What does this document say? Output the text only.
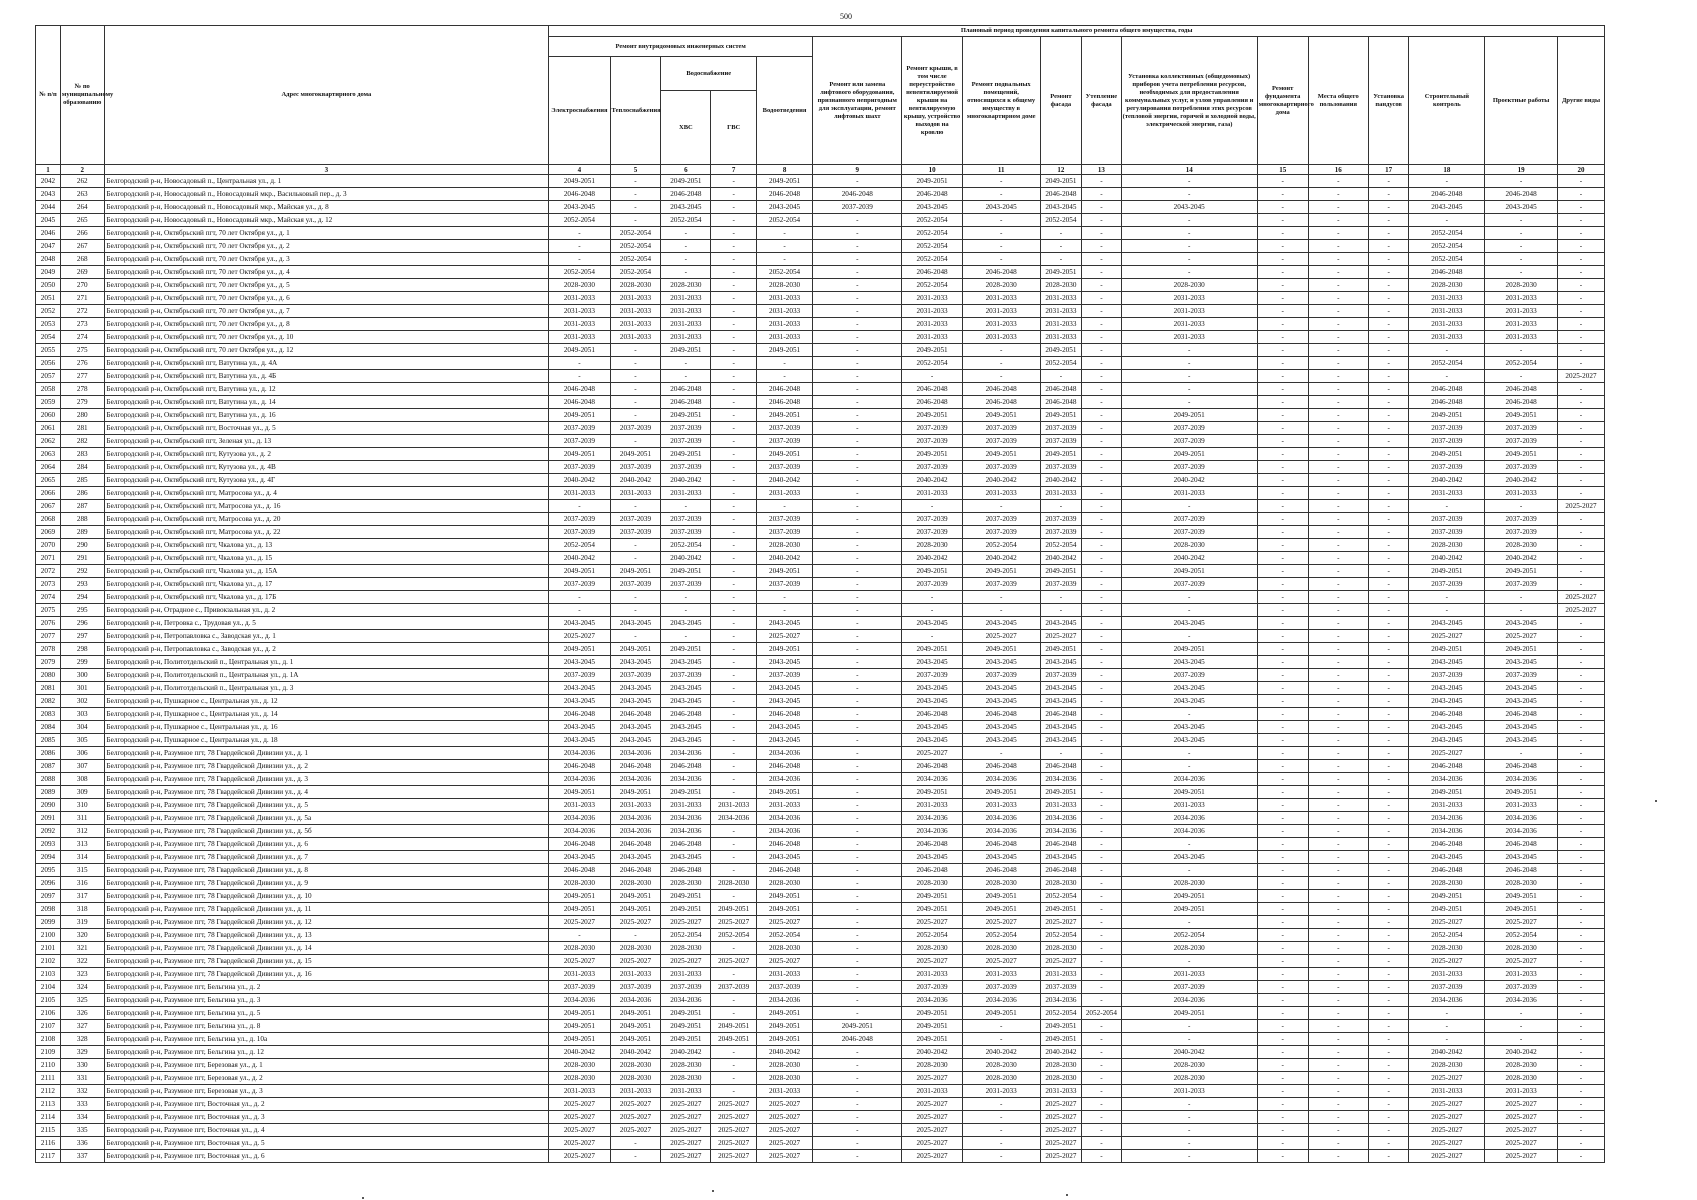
500
№ п/п	№ по муниципальному образованию	Адрес многоквартирного дома	Плановый период проведения капитального ремонта общего имущества, годы																
			Ремонт внутридомовых инженерных систем					Ремонт или замена лифтового оборудования, признанного непригодным для эксплуатации, ремонт лифтовых шахт	Ремонт крыши, в том числе переустройство невентилируемой крыши на вентилируемую крышу, устройство выходов на кровлю	Ремонт подвальных помещений, относящихся к общему имуществу в многоквартирном доме	Ремонт фасада	Утепление фасада	Установка коллективных (общедомовых) приборов учета потребления ресурсов, необходимых для предоставления коммунальных услуг, и узлов управления и регулирования потребления этих ресурсов (тепловой энергии, горячей и холодной воды, электрической энергии, газа)	Ремонт фундамента многоквартирного дома	Места общего пользования	Установка пандусов	Строительный контроль	Проектные работы	Другие виды
			Электроснабжения	Теплоснабжения	Водоснабжение		Водоотведения												
					ХВС	ГВС													
1	2	3	4	5	6	7	8	9	10	11	12	13	14	15	16	17	18	19	20
2042	262	Белгородский р-н, Новосадовый п., Центральная ул., д. 1	2049-2051	-	2049-2051	-	2049-2051	-	2049-2051	-	2049-2051	-	-	-	-	-	-	-	-
2043	263	Белгородский р-н, Новосадовый п., Новосадовый мкр., Васильковый пер., д. 3	2046-2048	-	2046-2048	-	2046-2048	2046-2048	2046-2048	-	2046-2048	-	-	-	-	-	2046-2048	2046-2048	-
2044	264	Белгородский р-н, Новосадовый п., Новосадовый мкр., Майская ул., д. 8	2043-2045	-	2043-2045	-	2043-2045	2037-2039	2043-2045	2043-2045	2043-2045	-	2043-2045	-	-	-	2043-2045	2043-2045	-
2045	265	Белгородский р-н, Новосадовый п., Новосадовый мкр., Майская ул., д. 12	2052-2054	-	2052-2054	-	2052-2054	-	2052-2054	-	2052-2054	-	-	-	-	-	-	-	-
2046	266	Белгородский р-н, Октябрьский пгт, 70 лет Октября ул., д. 1	-	2052-2054	-	-	-	-	2052-2054	-	-	-	-	-	-	-	2052-2054	-	-
2047	267	Белгородский р-н, Октябрьский пгт, 70 лет Октября ул., д. 2	-	2052-2054	-	-	-	-	2052-2054	-	-	-	-	-	-	-	2052-2054	-	-
2048	268	Белгородский р-н, Октябрьский пгт, 70 лет Октября ул., д. 3	-	2052-2054	-	-	-	-	2052-2054	-	-	-	-	-	-	-	2052-2054	-	-
2049	269	Белгородский р-н, Октябрьский пгт, 70 лет Октября ул., д. 4	2052-2054	2052-2054	-	-	2052-2054	-	2046-2048	2046-2048	2049-2051	-	-	-	-	-	2046-2048	-	-
2050	270	Белгородский р-н, Октябрьский пгт, 70 лет Октября ул., д. 5	2028-2030	2028-2030	2028-2030	-	2028-2030	-	2052-2054	2028-2030	2028-2030	-	2028-2030	-	-	-	2028-2030	2028-2030	-
2051	271	Белгородский р-н, Октябрьский пгт, 70 лет Октября ул., д. 6	2031-2033	2031-2033	2031-2033	-	2031-2033	-	2031-2033	2031-2033	2031-2033	-	2031-2033	-	-	-	2031-2033	2031-2033	-
2052	272	Белгородский р-н, Октябрьский пгт, 70 лет Октября ул., д. 7	2031-2033	2031-2033	2031-2033	-	2031-2033	-	2031-2033	2031-2033	2031-2033	-	2031-2033	-	-	-	2031-2033	2031-2033	-
2053	273	Белгородский р-н, Октябрьский пгт, 70 лет Октября ул., д. 8	2031-2033	2031-2033	2031-2033	-	2031-2033	-	2031-2033	2031-2033	2031-2033	-	2031-2033	-	-	-	2031-2033	2031-2033	-
2054	274	Белгородский р-н, Октябрьский пгт, 70 лет Октября ул., д. 10	2031-2033	2031-2033	2031-2033	-	2031-2033	-	2031-2033	2031-2033	2031-2033	-	2031-2033	-	-	-	2031-2033	2031-2033	-
2055	275	Белгородский р-н, Октябрьский пгт, 70 лет Октября ул., д. 12	2049-2051	-	2049-2051	-	2049-2051	-	2049-2051	-	2049-2051	-	-	-	-	-	-	-	-
2056	276	Белгородский р-н, Октябрьский пгт, Ватутина ул., д. 4А	-	-	-	-	-	-	2052-2054	-	2052-2054	-	-	-	-	-	2052-2054	2052-2054	-
2057	277	Белгородский р-н, Октябрьский пгт, Ватутина ул., д. 4Б	-	-	-	-	-	-	-	-	-	-	-	-	-	-	-	-	2025-2027
2058	278	Белгородский р-н, Октябрьский пгт, Ватутина ул., д. 12	2046-2048	-	2046-2048	-	2046-2048	-	2046-2048	2046-2048	2046-2048	-	-	-	-	-	2046-2048	2046-2048	-
2059	279	Белгородский р-н, Октябрьский пгт, Ватутина ул., д. 14	2046-2048	-	2046-2048	-	2046-2048	-	2046-2048	2046-2048	2046-2048	-	-	-	-	-	2046-2048	2046-2048	-
2060	280	Белгородский р-н, Октябрьский пгт, Ватутина ул., д. 16	2049-2051	-	2049-2051	-	2049-2051	-	2049-2051	2049-2051	2049-2051	-	2049-2051	-	-	-	2049-2051	2049-2051	-
2061	281	Белгородский р-н, Октябрьский пгт, Восточная ул., д. 5	2037-2039	2037-2039	2037-2039	-	2037-2039	-	2037-2039	2037-2039	2037-2039	-	2037-2039	-	-	-	2037-2039	2037-2039	-
2062	282	Белгородский р-н, Октябрьский пгт, Зеленая ул., д. 13	2037-2039	-	2037-2039	-	2037-2039	-	2037-2039	2037-2039	2037-2039	-	2037-2039	-	-	-	2037-2039	2037-2039	-
2063	283	Белгородский р-н, Октябрьский пгт, Кутузова ул., д. 2	2049-2051	2049-2051	2049-2051	-	2049-2051	-	2049-2051	2049-2051	2049-2051	-	2049-2051	-	-	-	2049-2051	2049-2051	-
2064	284	Белгородский р-н, Октябрьский пгт, Кутузова ул., д. 4В	2037-2039	2037-2039	2037-2039	-	2037-2039	-	2037-2039	2037-2039	2037-2039	-	2037-2039	-	-	-	2037-2039	2037-2039	-
2065	285	Белгородский р-н, Октябрьский пгт, Кутузова ул., д. 4Г	2040-2042	2040-2042	2040-2042	-	2040-2042	-	2040-2042	2040-2042	2040-2042	-	2040-2042	-	-	-	2040-2042	2040-2042	-
2066	286	Белгородский р-н, Октябрьский пгт, Матросова ул., д. 4	2031-2033	2031-2033	2031-2033	-	2031-2033	-	2031-2033	2031-2033	2031-2033	-	2031-2033	-	-	-	2031-2033	2031-2033	-
2067	287	Белгородский р-н, Октябрьский пгт, Матросова ул., д. 16	-	-	-	-	-	-	-	-	-	-	-	-	-	-	-	-	2025-2027
2068	288	Белгородский р-н, Октябрьский пгт, Матросова ул., д. 20	2037-2039	2037-2039	2037-2039	-	2037-2039	-	2037-2039	2037-2039	2037-2039	-	2037-2039	-	-	-	2037-2039	2037-2039	-
2069	289	Белгородский р-н, Октябрьский пгт, Матросова ул., д. 22	2037-2039	2037-2039	2037-2039	-	2037-2039	-	2037-2039	2037-2039	2037-2039	-	2037-2039	-	-	-	2037-2039	2037-2039	-
2070	290	Белгородский р-н, Октябрьский пгт, Чкалова ул., д. 13	2052-2054	-	2052-2054	-	2028-2030	-	2028-2030	2052-2054	2052-2054	-	2028-2030	-	-	-	2028-2030	2028-2030	-
2071	291	Белгородский р-н, Октябрьский пгт, Чкалова ул., д. 15	2040-2042	-	2040-2042	-	2040-2042	-	2040-2042	2040-2042	2040-2042	-	2040-2042	-	-	-	2040-2042	2040-2042	-
2072	292	Белгородский р-н, Октябрьский пгт, Чкалова ул., д. 15А	2049-2051	2049-2051	2049-2051	-	2049-2051	-	2049-2051	2049-2051	2049-2051	-	2049-2051	-	-	-	2049-2051	2049-2051	-
2073	293	Белгородский р-н, Октябрьский пгт, Чкалова ул., д. 17	2037-2039	2037-2039	2037-2039	-	2037-2039	-	2037-2039	2037-2039	2037-2039	-	2037-2039	-	-	-	2037-2039	2037-2039	-
2074	294	Белгородский р-н, Октябрьский пгт, Чкалова ул., д. 17Б	-	-	-	-	-	-	-	-	-	-	-	-	-	-	-	-	2025-2027
2075	295	Белгородский р-н, Отрадное с., Привокзальная ул., д. 2	-	-	-	-	-	-	-	-	-	-	-	-	-	-	-	-	2025-2027
2076	296	Белгородский р-н, Петровка с., Трудовая ул., д. 5	2043-2045	2043-2045	2043-2045	-	2043-2045	-	2043-2045	2043-2045	2043-2045	-	2043-2045	-	-	-	2043-2045	2043-2045	-
2077	297	Белгородский р-н, Петропавловка с., Заводская ул., д. 1	2025-2027	-	-	-	2025-2027	-	-	2025-2027	2025-2027	-	-	-	-	-	2025-2027	2025-2027	-
2078	298	Белгородский р-н, Петропавловка с., Заводская ул., д. 2	2049-2051	2049-2051	2049-2051	-	2049-2051	-	2049-2051	2049-2051	2049-2051	-	2049-2051	-	-	-	2049-2051	2049-2051	-
2079	299	Белгородский р-н, Политотдельский п., Центральная ул., д. 1	2043-2045	2043-2045	2043-2045	-	2043-2045	-	2043-2045	2043-2045	2043-2045	-	2043-2045	-	-	-	2043-2045	2043-2045	-
2080	300	Белгородский р-н, Политотдельский п., Центральная ул., д. 1А	2037-2039	2037-2039	2037-2039	-	2037-2039	-	2037-2039	2037-2039	2037-2039	-	2037-2039	-	-	-	2037-2039	2037-2039	-
2081	301	Белгородский р-н, Политотдельский п., Центральная ул., д. 3	2043-2045	2043-2045	2043-2045	-	2043-2045	-	2043-2045	2043-2045	2043-2045	-	2043-2045	-	-	-	2043-2045	2043-2045	-
2082	302	Белгородский р-н, Пушкарное с., Центральная ул., д. 12	2043-2045	2043-2045	2043-2045	-	2043-2045	-	2043-2045	2043-2045	2043-2045	-	2043-2045	-	-	-	2043-2045	2043-2045	-
2083	303	Белгородский р-н, Пушкарное с., Центральная ул., д. 14	2046-2048	2046-2048	2046-2048	-	2046-2048	-	2046-2048	2046-2048	2046-2048	-	-	-	-	-	2046-2048	2046-2048	-
2084	304	Белгородский р-н, Пушкарное с., Центральная ул., д. 16	2043-2045	2043-2045	2043-2045	-	2043-2045	-	2043-2045	2043-2045	2043-2045	-	2043-2045	-	-	-	2043-2045	2043-2045	-
2085	305	Белгородский р-н, Пушкарное с., Центральная ул., д. 18	2043-2045	2043-2045	2043-2045	-	2043-2045	-	2043-2045	2043-2045	2043-2045	-	2043-2045	-	-	-	2043-2045	2043-2045	-
2086	306	Белгородский р-н, Разумное пгт, 78 Гвардейской Дивизии ул., д. 1	2034-2036	2034-2036	2034-2036	-	2034-2036	-	2025-2027	-	-	-	-	-	-	-	2025-2027	-	-
2087	307	Белгородский р-н, Разумное пгт, 78 Гвардейской Дивизии ул., д. 2	2046-2048	2046-2048	2046-2048	-	2046-2048	-	2046-2048	2046-2048	2046-2048	-	-	-	-	-	2046-2048	2046-2048	-
2088	308	Белгородский р-н, Разумное пгт, 78 Гвардейской Дивизии ул., д. 3	2034-2036	2034-2036	2034-2036	-	2034-2036	-	2034-2036	2034-2036	2034-2036	-	2034-2036	-	-	-	2034-2036	2034-2036	-
2089	309	Белгородский р-н, Разумное пгт, 78 Гвардейской Дивизии ул., д. 4	2049-2051	2049-2051	2049-2051	-	2049-2051	-	2049-2051	2049-2051	2049-2051	-	2049-2051	-	-	-	2049-2051	2049-2051	-
2090	310	Белгородский р-н, Разумное пгт, 78 Гвардейской Дивизии ул., д. 5	2031-2033	2031-2033	2031-2033	2031-2033	2031-2033	-	2031-2033	2031-2033	2031-2033	-	2031-2033	-	-	-	2031-2033	2031-2033	-
2091	311	Белгородский р-н, Разумное пгт, 78 Гвардейской Дивизии ул., д. 5а	2034-2036	2034-2036	2034-2036	2034-2036	2034-2036	-	2034-2036	2034-2036	2034-2036	-	2034-2036	-	-	-	2034-2036	2034-2036	-
2092	312	Белгородский р-н, Разумное пгт, 78 Гвардейской Дивизии ул., д. 5б	2034-2036	2034-2036	2034-2036	-	2034-2036	-	2034-2036	2034-2036	2034-2036	-	2034-2036	-	-	-	2034-2036	2034-2036	-
2093	313	Белгородский р-н, Разумное пгт, 78 Гвардейской Дивизии ул., д. 6	2046-2048	2046-2048	2046-2048	-	2046-2048	-	2046-2048	2046-2048	2046-2048	-	-	-	-	-	2046-2048	2046-2048	-
2094	314	Белгородский р-н, Разумное пгт, 78 Гвардейской Дивизии ул., д. 7	2043-2045	2043-2045	2043-2045	-	2043-2045	-	2043-2045	2043-2045	2043-2045	-	2043-2045	-	-	-	2043-2045	2043-2045	-
2095	315	Белгородский р-н, Разумное пгт, 78 Гвардейской Дивизии ул., д. 8	2046-2048	2046-2048	2046-2048	-	2046-2048	-	2046-2048	2046-2048	2046-2048	-	-	-	-	-	2046-2048	2046-2048	-
2096	316	Белгородский р-н, Разумное пгт, 78 Гвардейской Дивизии ул., д. 9	2028-2030	2028-2030	2028-2030	2028-2030	2028-2030	-	2028-2030	2028-2030	2028-2030	-	2028-2030	-	-	-	2028-2030	2028-2030	-
2097	317	Белгородский р-н, Разумное пгт, 78 Гвардейской Дивизии ул., д. 10	2049-2051	2049-2051	2049-2051	-	2049-2051	-	2049-2051	2049-2051	2052-2054	-	2049-2051	-	-	-	2049-2051	2049-2051	-
2098	318	Белгородский р-н, Разумное пгт, 78 Гвардейской Дивизии ул., д. 11	2049-2051	2049-2051	2049-2051	2049-2051	2049-2051	-	2049-2051	2049-2051	2049-2051	-	2049-2051	-	-	-	2049-2051	2049-2051	-
2099	319	Белгородский р-н, Разумное пгт, 78 Гвардейской Дивизии ул., д. 12	2025-2027	2025-2027	2025-2027	2025-2027	2025-2027	-	2025-2027	2025-2027	2025-2027	-	-	-	-	-	2025-2027	2025-2027	-
2100	320	Белгородский р-н, Разумное пгт, 78 Гвардейской Дивизии ул., д. 13	-	-	2052-2054	2052-2054	2052-2054	-	2052-2054	2052-2054	2052-2054	-	2052-2054	-	-	-	2052-2054	2052-2054	-
2101	321	Белгородский р-н, Разумное пгт, 78 Гвардейской Дивизии ул., д. 14	2028-2030	2028-2030	2028-2030	-	2028-2030	-	2028-2030	2028-2030	2028-2030	-	2028-2030	-	-	-	2028-2030	2028-2030	-
2102	322	Белгородский р-н, Разумное пгт, 78 Гвардейской Дивизии ул., д. 15	2025-2027	2025-2027	2025-2027	2025-2027	2025-2027	-	2025-2027	2025-2027	2025-2027	-	-	-	-	-	2025-2027	2025-2027	-
2103	323	Белгородский р-н, Разумное пгт, 78 Гвардейской Дивизии ул., д. 16	2031-2033	2031-2033	2031-2033	-	2031-2033	-	2031-2033	2031-2033	2031-2033	-	2031-2033	-	-	-	2031-2033	2031-2033	-
2104	324	Белгородский р-н, Разумное пгт, Бельгина ул., д. 2	2037-2039	2037-2039	2037-2039	2037-2039	2037-2039	-	2037-2039	2037-2039	2037-2039	-	2037-2039	-	-	-	2037-2039	2037-2039	-
2105	325	Белгородский р-н, Разумное пгт, Бельгина ул., д. 3	2034-2036	2034-2036	2034-2036	-	2034-2036	-	2034-2036	2034-2036	2034-2036	-	2034-2036	-	-	-	2034-2036	2034-2036	-
2106	326	Белгородский р-н, Разумное пгт, Бельгина ул., д. 5	2049-2051	2049-2051	2049-2051	-	2049-2051	-	2049-2051	2049-2051	2052-2054	2052-2054	2049-2051	-	-	-	-	-	-
2107	327	Белгородский р-н, Разумное пгт, Бельгина ул., д. 8	2049-2051	2049-2051	2049-2051	2049-2051	2049-2051	2049-2051	2049-2051	-	2049-2051	-	-	-	-	-	-	-	-
2108	328	Белгородский р-н, Разумное пгт, Бельгина ул., д. 10а	2049-2051	2049-2051	2049-2051	2049-2051	2049-2051	2046-2048	2049-2051	-	2049-2051	-	-	-	-	-	-	-	-
2109	329	Белгородский р-н, Разумное пгт, Бельгина ул., д. 12	2040-2042	2040-2042	2040-2042	-	2040-2042	-	2040-2042	2040-2042	2040-2042	-	2040-2042	-	-	-	2040-2042	2040-2042	-
2110	330	Белгородский р-н, Разумное пгт, Березовая ул., д. 1	2028-2030	2028-2030	2028-2030	-	2028-2030	-	2028-2030	2028-2030	2028-2030	-	2028-2030	-	-	-	2028-2030	2028-2030	-
2111	331	Белгородский р-н, Разумное пгт, Березовая ул., д. 2	2028-2030	2028-2030	2028-2030	-	2028-2030	-	2025-2027	2028-2030	2028-2030	-	2028-2030	-	-	-	2025-2027	2028-2030	-
2112	332	Белгородский р-н, Разумное пгт, Березовая ул., д. 3	2031-2033	2031-2033	2031-2033	-	2031-2033	-	2031-2033	2031-2033	2031-2033	-	2031-2033	-	-	-	2031-2033	2031-2033	-
2113	333	Белгородский р-н, Разумное пгт, Восточная ул., д. 2	2025-2027	2025-2027	2025-2027	2025-2027	2025-2027	-	2025-2027	-	2025-2027	-	-	-	-	-	2025-2027	2025-2027	-
2114	334	Белгородский р-н, Разумное пгт, Восточная ул., д. 3	2025-2027	2025-2027	2025-2027	2025-2027	2025-2027	-	2025-2027	-	2025-2027	-	-	-	-	-	2025-2027	2025-2027	-
2115	335	Белгородский р-н, Разумное пгт, Восточная ул., д. 4	2025-2027	2025-2027	2025-2027	2025-2027	2025-2027	-	2025-2027	-	2025-2027	-	-	-	-	-	2025-2027	2025-2027	-
2116	336	Белгородский р-н, Разумное пгт, Восточная ул., д. 5	2025-2027	-	2025-2027	2025-2027	2025-2027	-	2025-2027	-	2025-2027	-	-	-	-	-	2025-2027	2025-2027	-
2117	337	Белгородский р-н, Разумное пгт, Восточная ул., д. 6	2025-2027	-	2025-2027	2025-2027	2025-2027	-	2025-2027	-	2025-2027	-	-	-	-	-	2025-2027	2025-2027	-
